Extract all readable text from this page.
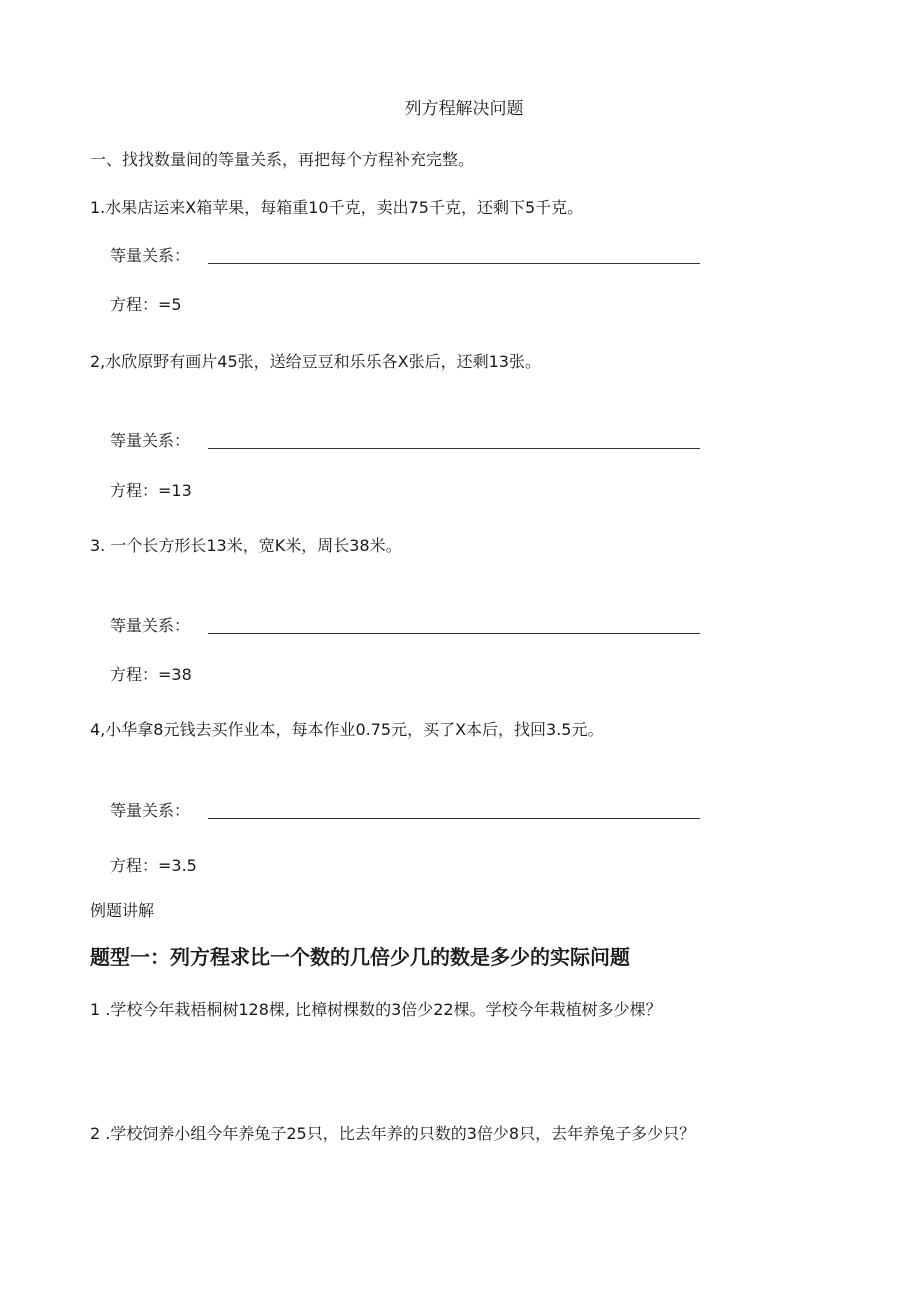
列方程解决问题
一、找找数量间的等量关系，再把每个方程补充完整。
1.水果店运来X箱苹果，每箱重10千克，卖出75千克，还剩下5千克。
等量关系：
方程：=5
2,水欣原野有画片45张，送给豆豆和乐乐各X张后，还剩13张。
等量关系：
方程：=13
3. 一个长方形长13米，宽K米，周长38米。
等量关系：
方程：=38
4,小华拿8元钱去买作业本，每本作业0.75元，买了X本后，找回3.5元。
等量关系：
方程：=3.5
例题讲解
题型一：列方程求比一个数的几倍少几的数是多少的实际问题
1 .学校今年栽梧桐树128棵, 比樟树棵数的3倍少22棵。学校今年栽植树多少棵？
2 .学校饲养小组今年养兔子25只，比去年养的只数的3倍少8只，去年养兔子多少只？
